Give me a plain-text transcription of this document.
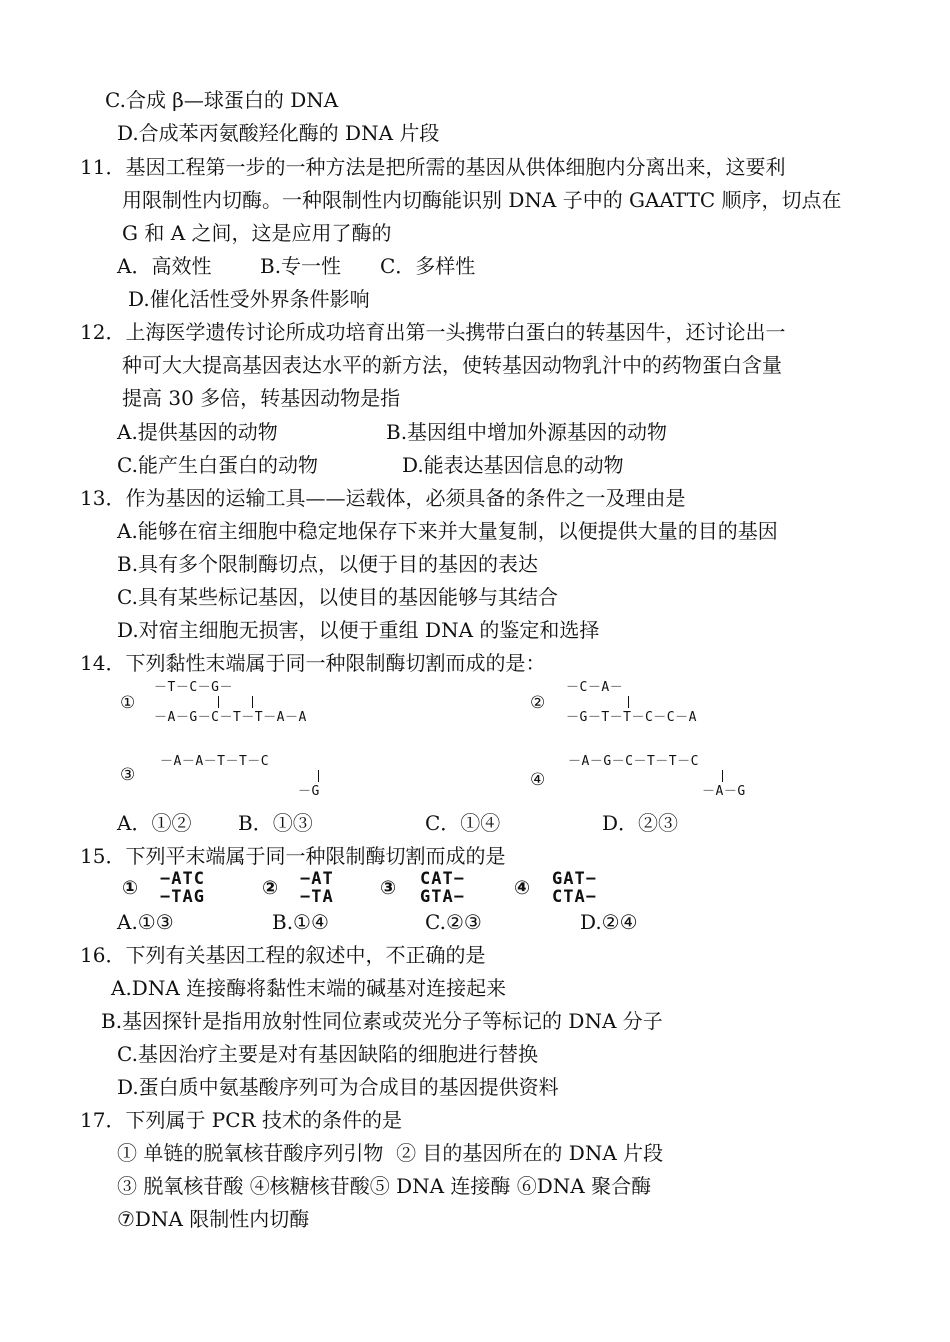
C.合成 β—球蛋白的 DNA
D.合成苯丙氨酸羟化酶的 DNA 片段
11．基因工程第一步的一种方法是把所需的基因从供体细胞内分离出来，这要利
用限制性内切酶。一种限制性内切酶能识别 DNA 子中的 GAATTC 顺序，切点在
G 和 A 之间，这是应用了酶的
A．高效性 B.专一性 C．多样性
D.催化活性受外界条件影响
12．上海医学遗传讨论所成功培育出第一头携带白蛋白的转基因牛，还讨论出一
种可大大提高基因表达水平的新方法，使转基因动物乳汁中的药物蛋白含量
提高 30 多倍，转基因动物是指
A.提供基因的动物	B.基因组中增加外源基因的动物
C.能产生白蛋白的动物	D.能表达基因信息的动物
13．作为基因的运输工具——运载体，必须具备的条件之一及理由是
A.能够在宿主细胞中稳定地保存下来并大量复制，以便提供大量的目的基因
B.具有多个限制酶切点，以便于目的基因的表达
C.具有某些标记基因，以使目的基因能够与其结合
D.对宿主细胞无损害，以便于重组 DNA 的鉴定和选择
14．下列黏性末端属于同一种限制酶切割而成的是：
①
－T－C－G－
－A－G－C－T－T－A－A
②
－C－A－
－G－T－T－C－C－A
③
－A－A－T－T－C
－G
④
－A－G－C－T－T－C
－A－G
A．①② B．①③	C．①④	D．②③
15．下列平末端属于同一种限制酶切割而成的是
① −ATC
−TAG	② −AT
−TA ③ CAT−
GTA−	④ GAT−
CTA−
A.①③	B.①④	C.②③	D.②④
16．下列有关基因工程的叙述中，不正确的是
A.DNA 连接酶将黏性末端的碱基对连接起来
B.基因探针是指用放射性同位素或荧光分子等标记的 DNA 分子
C.基因治疗主要是对有基因缺陷的细胞进行替换
D.蛋白质中氨基酸序列可为合成目的基因提供资料
17．下列属于 PCR 技术的条件的是
① 单链的脱氧核苷酸序列引物  ② 目的基因所在的 DNA 片段
③ 脱氧核苷酸 ④核糖核苷酸⑤ DNA 连接酶 ⑥DNA 聚合酶
⑦DNA 限制性内切酶
